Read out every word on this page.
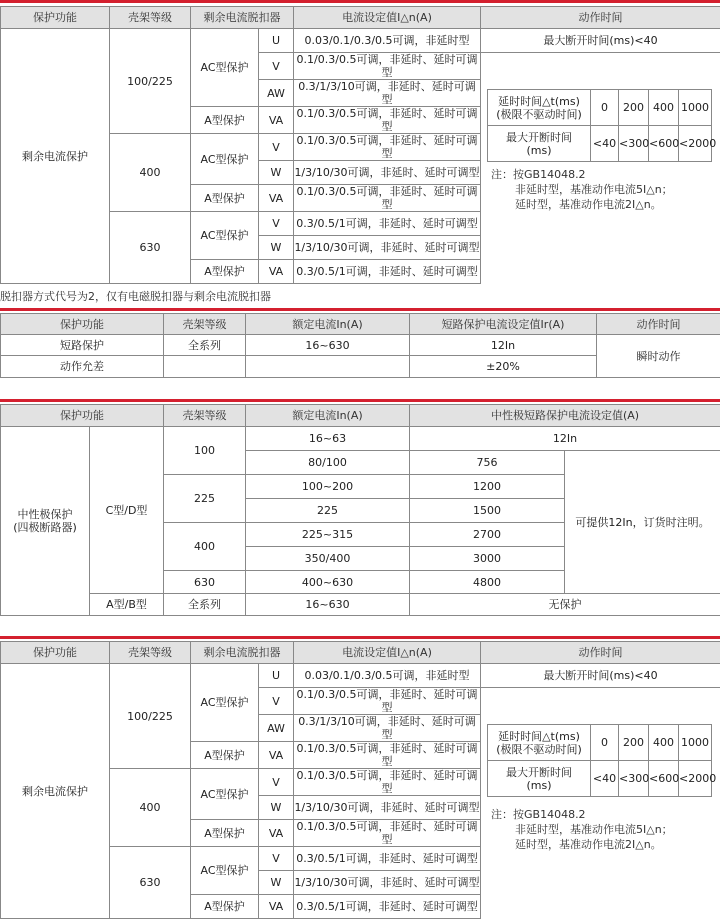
保护功能	壳架等级	剩余电流脱扣器		电流设定值I△n(A)	动作时间
剩余电流保护	100/225	AC型保护	U	0.03/0.1/0.3/0.5可调，非延时型	最大断开时间(ms)<40
			V	0.1/0.3/0.5可调，非延时、延时可调型	
			AW	0.3/1/3/10可调，非延时、延时可调型	
		A型保护	VA	0.1/0.3/0.5可调，非延时、延时可调型	
	400	AC型保护	V	0.1/0.3/0.5可调，非延时、延时可调型	
			W	1/3/10/30可调，非延时、延时可调型	
		A型保护	VA	0.1/0.3/0.5可调，非延时、延时可调型	
	630	AC型保护	V	0.3/0.5/1可调，非延时、延时可调型	
			W	1/3/10/30可调，非延时、延时可调型	
		A型保护	VA	0.3/0.5/1可调，非延时、延时可调型	
延时时间△t(ms)
(极限不驱动时间)	0	200	400	1000
最大开断时间
(ms)	<40	<300	<600	<2000
注：按GB14048.2
非延时型，基准动作电流5I△n；
延时型，基准动作电流2I△n。
脱扣器方式代号为2，仅有电磁脱扣器与剩余电流脱扣器
保护功能	壳架等级	额定电流In(A)	短路保护电流设定值Ir(A)	动作时间
短路保护	全系列	16~630	12In	瞬时动作
动作允差			±20%	
保护功能		壳架等级	额定电流In(A)	中性极短路保护电流设定值(A)	
中性极保护
(四极断路器)	C型/D型	100	16~63	12In	
			80/100	756	可提供12In，订货时注明。
		225	100~200	1200	
			225	1500	
		400	225~315	2700	
			350/400	3000	
		630	400~630	4800	
	A型/B型	全系列	16~630	无保护	
保护功能	壳架等级	剩余电流脱扣器		电流设定值I△n(A)	动作时间
剩余电流保护	100/225	AC型保护	U	0.03/0.1/0.3/0.5可调，非延时型	最大断开时间(ms)<40
			V	0.1/0.3/0.5可调，非延时、延时可调型	
			AW	0.3/1/3/10可调，非延时、延时可调型	
		A型保护	VA	0.1/0.3/0.5可调，非延时、延时可调型	
	400	AC型保护	V	0.1/0.3/0.5可调，非延时、延时可调型	
			W	1/3/10/30可调，非延时、延时可调型	
		A型保护	VA	0.1/0.3/0.5可调，非延时、延时可调型	
	630	AC型保护	V	0.3/0.5/1可调，非延时、延时可调型	
			W	1/3/10/30可调，非延时、延时可调型	
		A型保护	VA	0.3/0.5/1可调，非延时、延时可调型	
延时时间△t(ms)
(极限不驱动时间)	0	200	400	1000
最大开断时间
(ms)	<40	<300	<600	<2000
注：按GB14048.2
非延时型，基准动作电流5I△n；
延时型，基准动作电流2I△n。
